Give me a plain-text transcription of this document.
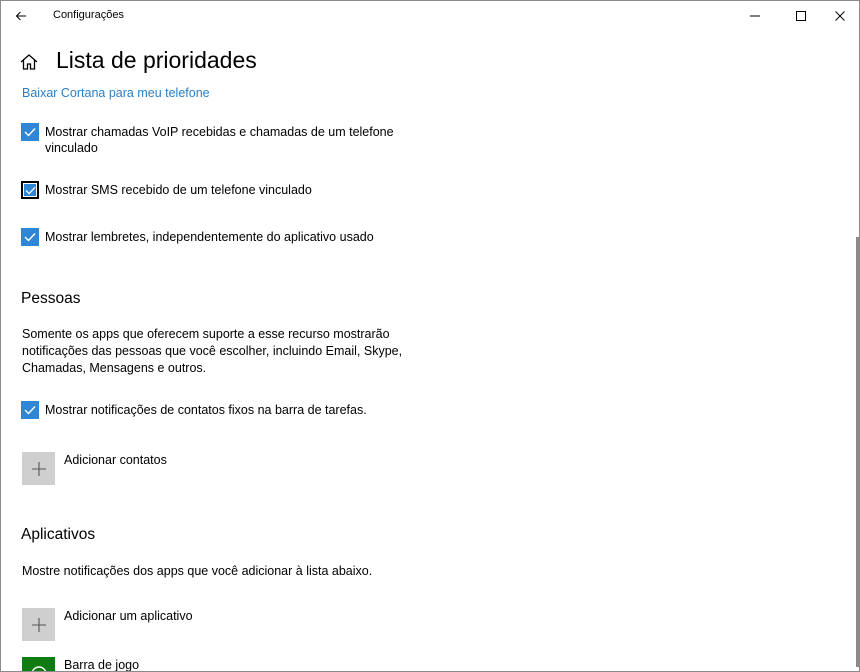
Configurações
Lista de prioridades
Baixar Cortana para meu telefone
Mostrar chamadas VoIP recebidas e chamadas de um telefone vinculado
Mostrar SMS recebido de um telefone vinculado
Mostrar lembretes, independentemente do aplicativo usado
Pessoas

Somente os apps que oferecem suporte a esse recurso mostrarão notificações das pessoas que você escolher, incluindo Email, Skype, Chamadas, Mensagens e outros.

Mostrar notificações de contatos fixos na barra de tarefas.
Adicionar contatos
Aplicativos

Mostre notificações dos apps que você adicionar à lista abaixo.

Adicionar um aplicativo
Barra de jogo
